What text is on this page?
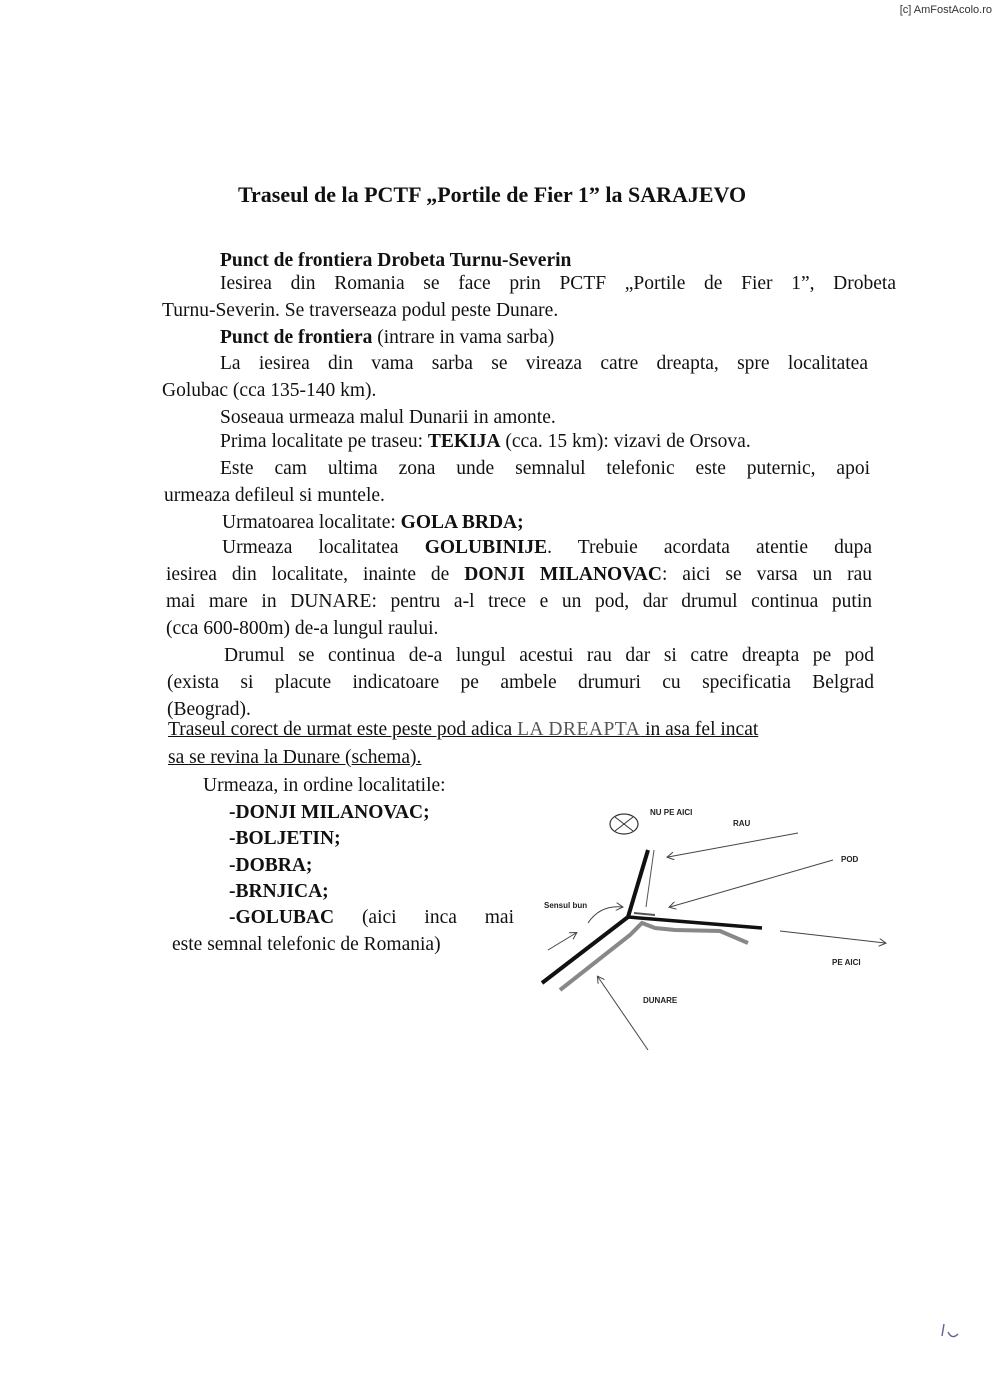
[c] AmFostAcolo.ro
Traseul de la PCTF „Portile de Fier 1” la SARAJEVO
Punct de frontiera Drobeta Turnu-Severin
Iesirea din Romania se face prin PCTF „Portile de Fier 1”, Drobeta
Turnu-Severin. Se traverseaza podul peste Dunare.
Punct de frontiera (intrare in vama sarba)
La iesirea din vama sarba se vireaza catre dreapta, spre localitatea
Golubac (cca 135-140 km).
Soseaua urmeaza malul Dunarii in amonte.
Prima localitate pe traseu: TEKIJA (cca. 15 km): vizavi de Orsova.
Este cam ultima zona unde semnalul telefonic este puternic, apoi
urmeaza defileul si muntele.
Urmatoarea localitate: GOLA BRDA;
Urmeaza localitatea GOLUBINIJE. Trebuie acordata atentie dupa
iesirea din localitate, inainte de DONJI MILANOVAC: aici se varsa un rau
mai mare in DUNARE: pentru a-l trece e un pod, dar drumul continua putin
(cca 600-800m) de-a lungul raului.
Drumul se continua de-a lungul acestui rau dar si catre dreapta pe pod
(exista si placute indicatoare pe ambele drumuri cu specificatia Belgrad
(Beograd).
Traseul corect de urmat este peste pod adica LA DREAPTA in asa fel incat
sa se revina la Dunare (schema).
Urmeaza, in ordine localitatile:
-DONJI MILANOVAC;
-BOLJETIN;
-DOBRA;
-BRNJICA;
-GOLUBAC (aici inca mai
este semnal telefonic de Romania)
NU PE AICI
RAU
POD
Sensul bun
PE AICI
DUNARE
